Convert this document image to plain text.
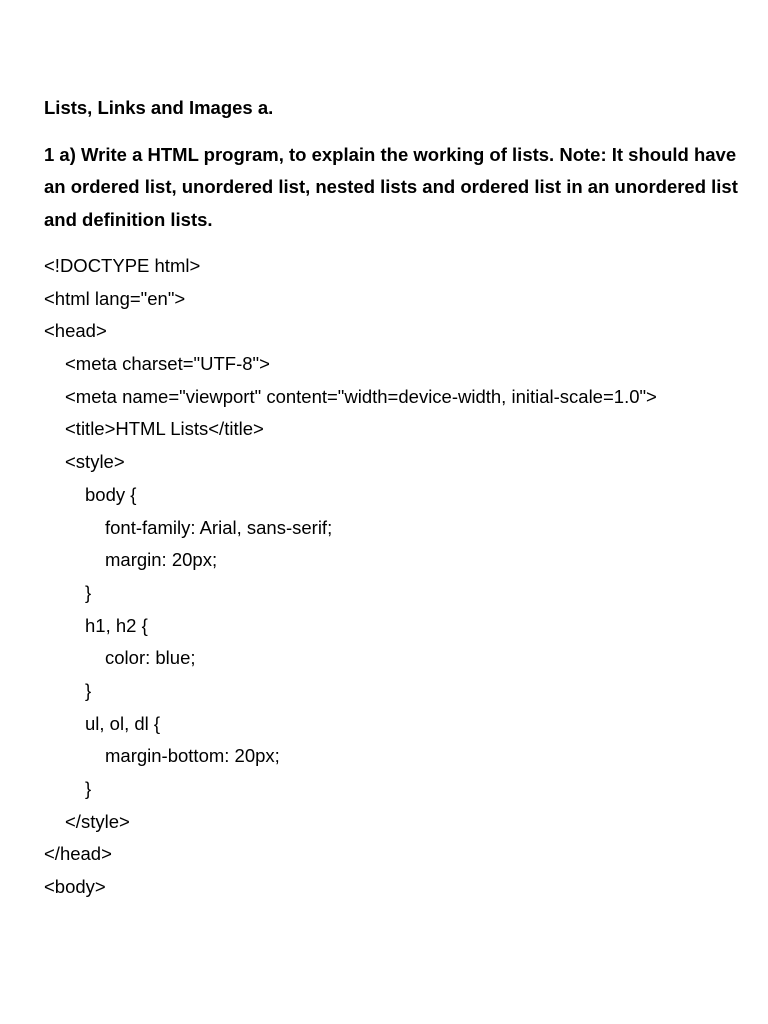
Lists, Links and Images a.

1 a) Write a HTML program, to explain the working of lists. Note: It should have an ordered list, unordered list, nested lists and ordered list in an unordered list and definition lists.

<!DOCTYPE html>
<html lang="en">
<head>
<meta charset="UTF-8">
<meta name="viewport" content="width=device-width, initial-scale=1.0">
<title>HTML Lists</title>
<style>
body {
font-family: Arial, sans-serif;
margin: 20px;
}
h1, h2 {
color: blue;
}
ul, ol, dl {
margin-bottom: 20px;
}
</style>
</head>
<body>
